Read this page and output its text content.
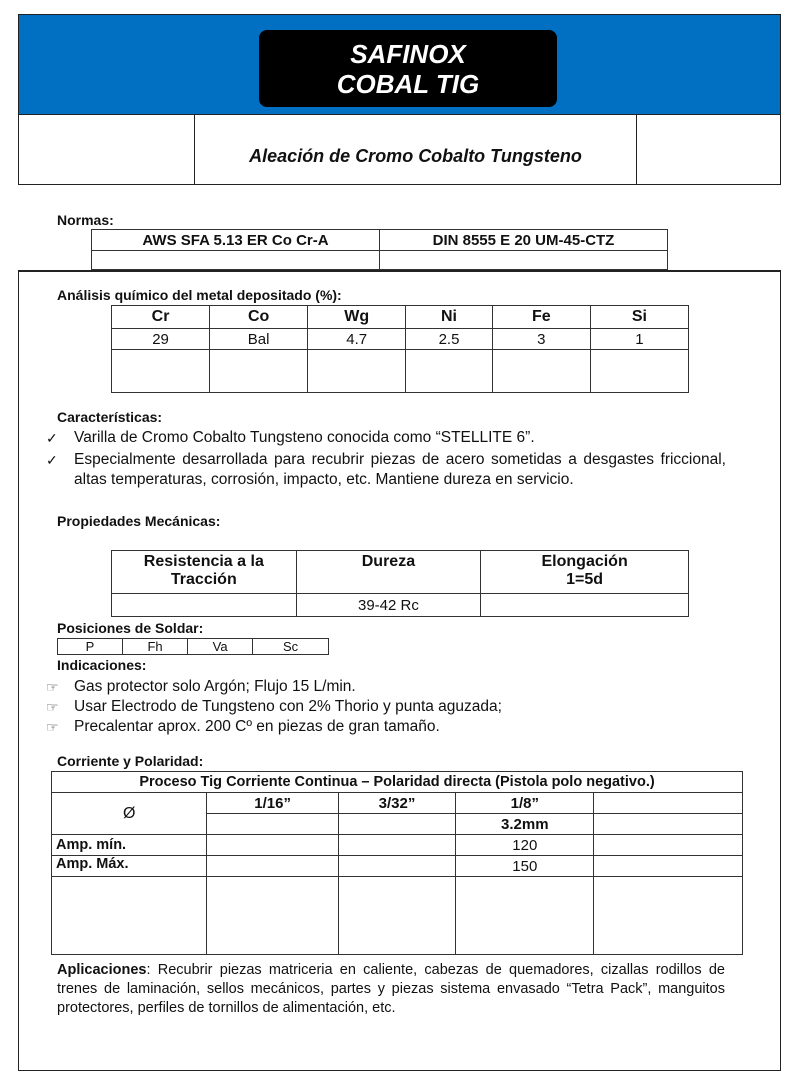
SAFINOX
COBAL TIG
Aleación de Cromo Cobalto Tungsteno
Normas:
AWS SFA 5.13 ER Co Cr-A	DIN 8555 E 20 UM-45-CTZ

Análisis químico del metal depositado (%):
Cr	Co	Wg	Ni	Fe	Si
29	Bal	4.7	2.5	3	1

Características:
✓	Varilla de Cromo Cobalto Tungsteno conocida como “STELLITE 6”.
✓	Especialmente desarrollada para recubrir piezas de acero sometidas a desgastes friccional, altas temperaturas, corrosión, impacto, etc. Mantiene dureza en servicio.
Propiedades Mecánicas:
Resistencia a la Tracción	Dureza	Elongación 1=5d
	39-42 Rc	
Posiciones de Soldar:
P	Fh	Va	Sc
Indicaciones:
☞ Gas protector solo Argón; Flujo 15 L/min.
☞ Usar Electrodo de Tungsteno con 2% Thorio y punta aguzada;
☞ Precalentar aprox. 200 Cº en piezas de gran tamaño.
Corriente y Polaridad:
Proceso Tig Corriente Continua – Polaridad directa (Pistola polo negativo.)				
Ø	1/16”	3/32”	1/8”	
			3.2mm	
Amp. mín.			120	
Amp. Máx.			150	

Aplicaciones: Recubrir piezas matriceria en caliente, cabezas de quemadores, cizallas rodillos de trenes de laminación, sellos mecánicos, partes y piezas sistema envasado “Tetra Pack”, manguitos protectores, perfiles de tornillos de alimentación, etc.
